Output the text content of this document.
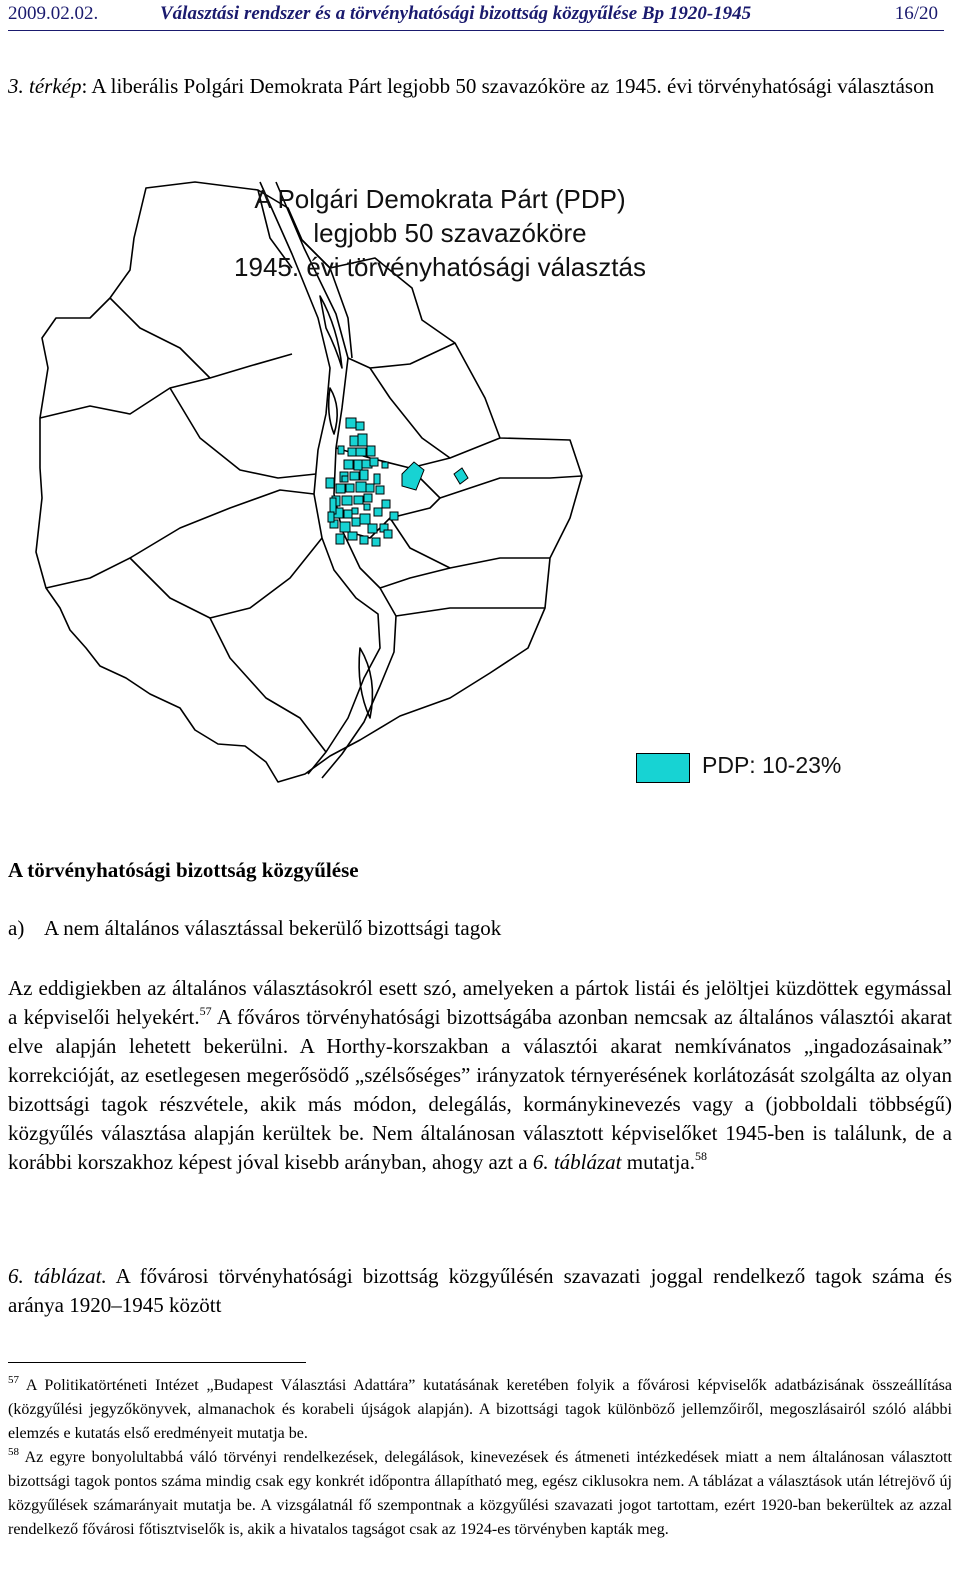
2009.02.02.	Választási rendszer és a törvényhatósági bizottság közgyűlése Bp 1920-1945	16/20
3. térkép: A liberális Polgári Demokrata Párt legjobb 50 szavazóköre az 1945. évi törvényhatósági választáson
A Polgári Demokrata Párt (PDP)
legjobb 50 szavazóköre
1945. évi törvényhatósági választás
PDP: 10-23%
A törvényhatósági bizottság közgyűlése
a) A nem általános választással bekerülő bizottsági tagok

Az eddigiekben az általános választásokról esett szó, amelyeken a pártok listái és jelöltjei küzdöttek egymással a képviselői helyekért.$^{57}$ A főváros törvényhatósági bizottságába azonban nemcsak az általános választói akarat elve alapján lehetett bekerülni. A Horthy-korszakban a választói akarat nemkívánatos „ingadozásainak” korrekcióját, az esetlegesen megerősödő „szélsőséges” irányzatok térnyerésének korlátozását szolgálta az olyan bizottsági tagok részvétele, akik más módon, delegálás, kormánykinevezés vagy a (jobboldali többségű) közgyűlés választása alapján kerültek be. Nem általánosan választott képviselőket 1945-ben is találunk, de a korábbi korszakhoz képest jóval kisebb arányban, ahogy azt a 6. táblázat mutatja.$^{58}$

6. táblázat. A fővárosi törvényhatósági bizottság közgyűlésén szavazati joggal rendelkező tagok száma és aránya 1920–1945 között

$^{57}$ A Politikatörténeti Intézet „Budapest Választási Adattára” kutatásának keretében folyik a fővárosi képviselők adatbázisának összeállítása (közgyűlési jegyzőkönyvek, almanachok és korabeli újságok alapján). A bizottsági tagok különböző jellemzőiről, megoszlásairól szóló alábbi elemzés e kutatás első eredményeit mutatja be.

$^{58}$ Az egyre bonyolultabbá váló törvényi rendelkezések, delegálások, kinevezések és átmeneti intézkedések miatt a nem általánosan választott bizottsági tagok pontos száma mindig csak egy konkrét időpontra állapítható meg, egész ciklusokra nem. A táblázat a választások után létrejövő új közgyűlések számarányait mutatja be. A vizsgálatnál fő szempontnak a közgyűlési szavazati jogot tartottam, ezért 1920-ban bekerültek az azzal rendelkező fővárosi főtisztviselők is, akik a hivatalos tagságot csak az 1924-es törvényben kapták meg.
